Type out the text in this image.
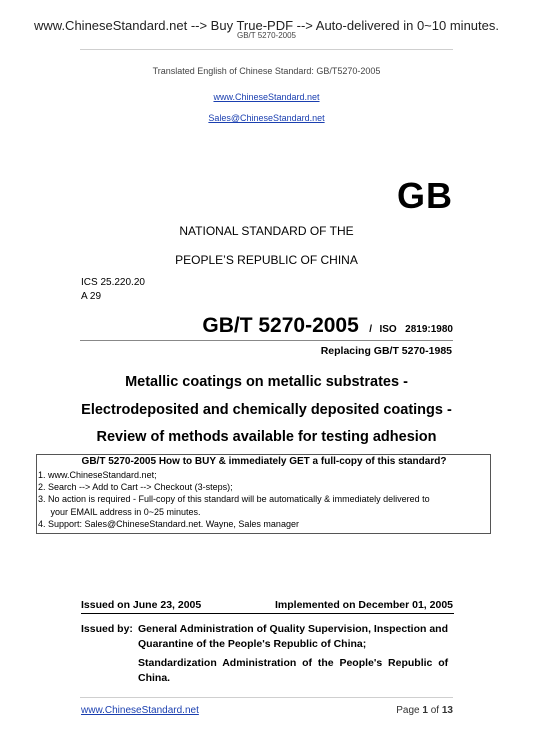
www.ChineseStandard.net --> Buy True-PDF --> Auto-delivered in 0~10 minutes.
GB/T 5270-2005
Translated English of Chinese Standard: GB/T5270-2005
www.ChineseStandard.net
Sales@ChineseStandard.net
GB
NATIONAL STANDARD OF THE
PEOPLE’S REPUBLIC OF CHINA
ICS 25.220.20
A 29
GB/T 5270-2005 / ISO 2819:1980
Replacing GB/T 5270-1985
Metallic coatings on metallic substrates -
Electrodeposited and chemically deposited coatings -
Review of methods available for testing adhesion
GB/T 5270-2005 How to BUY & immediately GET a full-copy of this standard?
1. www.ChineseStandard.net;
2. Search --> Add to Cart --> Checkout (3-steps);
3. No action is required - Full-copy of this standard will be automatically & immediately delivered to
your EMAIL address in 0~25 minutes.
4. Support: Sales@ChineseStandard.net. Wayne, Sales manager
Issued on June 23, 2005	Implemented on December 01, 2005
Issued by: General Administration of Quality Supervision, Inspection and
Quarantine of the People's Republic of China;
Standardization  Administration  of  the  People's  Republic  of
China.
www.ChineseStandard.net	Page 1 of 13
